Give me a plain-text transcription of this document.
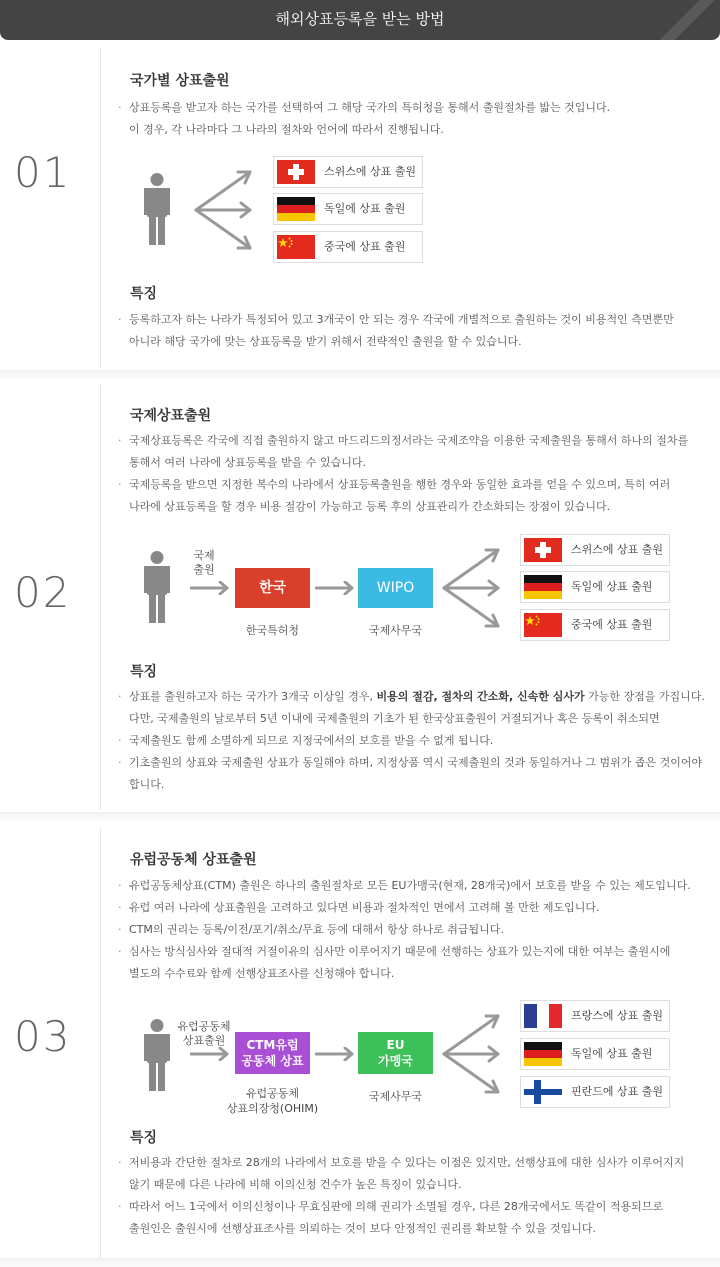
해외상표등록을 받는 방법
01
국가별 상표출원
· 상표등록을 받고자 하는 국가를 선택하여 그 해당 국가의 특허청을 통해서 출원절차를 밟는 것입니다.
이 경우, 각 나라마다 그 나라의 절차와 언어에 따라서 진행됩니다.
스위스에 상표 출원
독일에 상표 출원
중국에 상표 출원
특징
· 등록하고자 하는 나라가 특정되어 있고 3개국이 안 되는 경우 각국에 개별적으로 출원하는 것이 비용적인 측면뿐만
아니라 해당 국가에 맞는 상표등록을 받기 위해서 전략적인 출원을 할 수 있습니다.
02
국제상표출원
· 국제상표등록은 각국에 직접 출원하지 않고 마드리드의정서라는 국제조약을 이용한 국제출원을 통해서 하나의 절차를
통해서 여러 나라에 상표등록을 받을 수 있습니다.
· 국제등록을 받으면 지정한 복수의 나라에서 상표등록출원을 행한 경우와 동일한 효과를 얻을 수 있으며, 특히 여러
나라에 상표등록을 할 경우 비용 절감이 가능하고 등록 후의 상표관리가 간소화되는 장점이 있습니다.
국제
출원
한국
한국특허청
WIPO
국제사무국
스위스에 상표 출원
독일에 상표 출원
중국에 상표 출원
특징
· 상표를 출원하고자 하는 국가가 3개국 이상일 경우, 비용의 절감, 절차의 간소화, 신속한 심사가 가능한 장점을 가집니다.
다만, 국제출원의 날로부터 5년 이내에 국제출원의 기초가 된 한국상표출원이 거절되거나 혹은 등록이 취소되면
· 국제출원도 함께 소멸하게 되므로 지정국에서의 보호를 받을 수 없게 됩니다.
· 기초출원의 상표와 국제출원 상표가 동일해야 하며, 지정상품 역시 국제출원의 것과 동일하거나 그 범위가 좁은 것이어야
합니다.
03
유럽공동체 상표출원
· 유럽공동체상표(CTM) 출원은 하나의 출원절차로 모든 EU가맹국(현재, 28개국)에서 보호를 받을 수 있는 제도입니다.
· 유럽 여러 나라에 상표출원을 고려하고 있다면 비용과 절차적인 면에서 고려해 볼 만한 제도입니다.
· CTM의 권리는 등록/이전/포기/취소/무효 등에 대해서 항상 하나로 취급됩니다.
· 심사는 방식심사와 절대적 거절이유의 심사만 이루어지기 때문에 선행하는 상표가 있는지에 대한 여부는 출원시에
별도의 수수료와 함께 선행상표조사를 신청해야 합니다.
유럽공동체
상표출원	CTM유럽
공동체 상표
유럽공동체
상표의장청(OHIM)
EU
가맹국
국제사무국
프랑스에 상표 출원
독일에 상표 출원
핀란드에 상표 출원
특징
· 저비용과 간단한 절차로 28개의 나라에서 보호를 받을 수 있다는 이점은 있지만, 선행상표에 대한 심사가 이루어지지
않기 때문에 다른 나라에 비해 이의신청 건수가 높은 특징이 있습니다.
· 따라서 어느 1국에서 이의신청이나 무효심판에 의해 권리가 소멸될 경우, 다른 28개국에서도 똑같이 적용되므로
출원인은 출원시에 선행상표조사를 의뢰하는 것이 보다 안정적인 권리를 확보할 수 있을 것입니다.
